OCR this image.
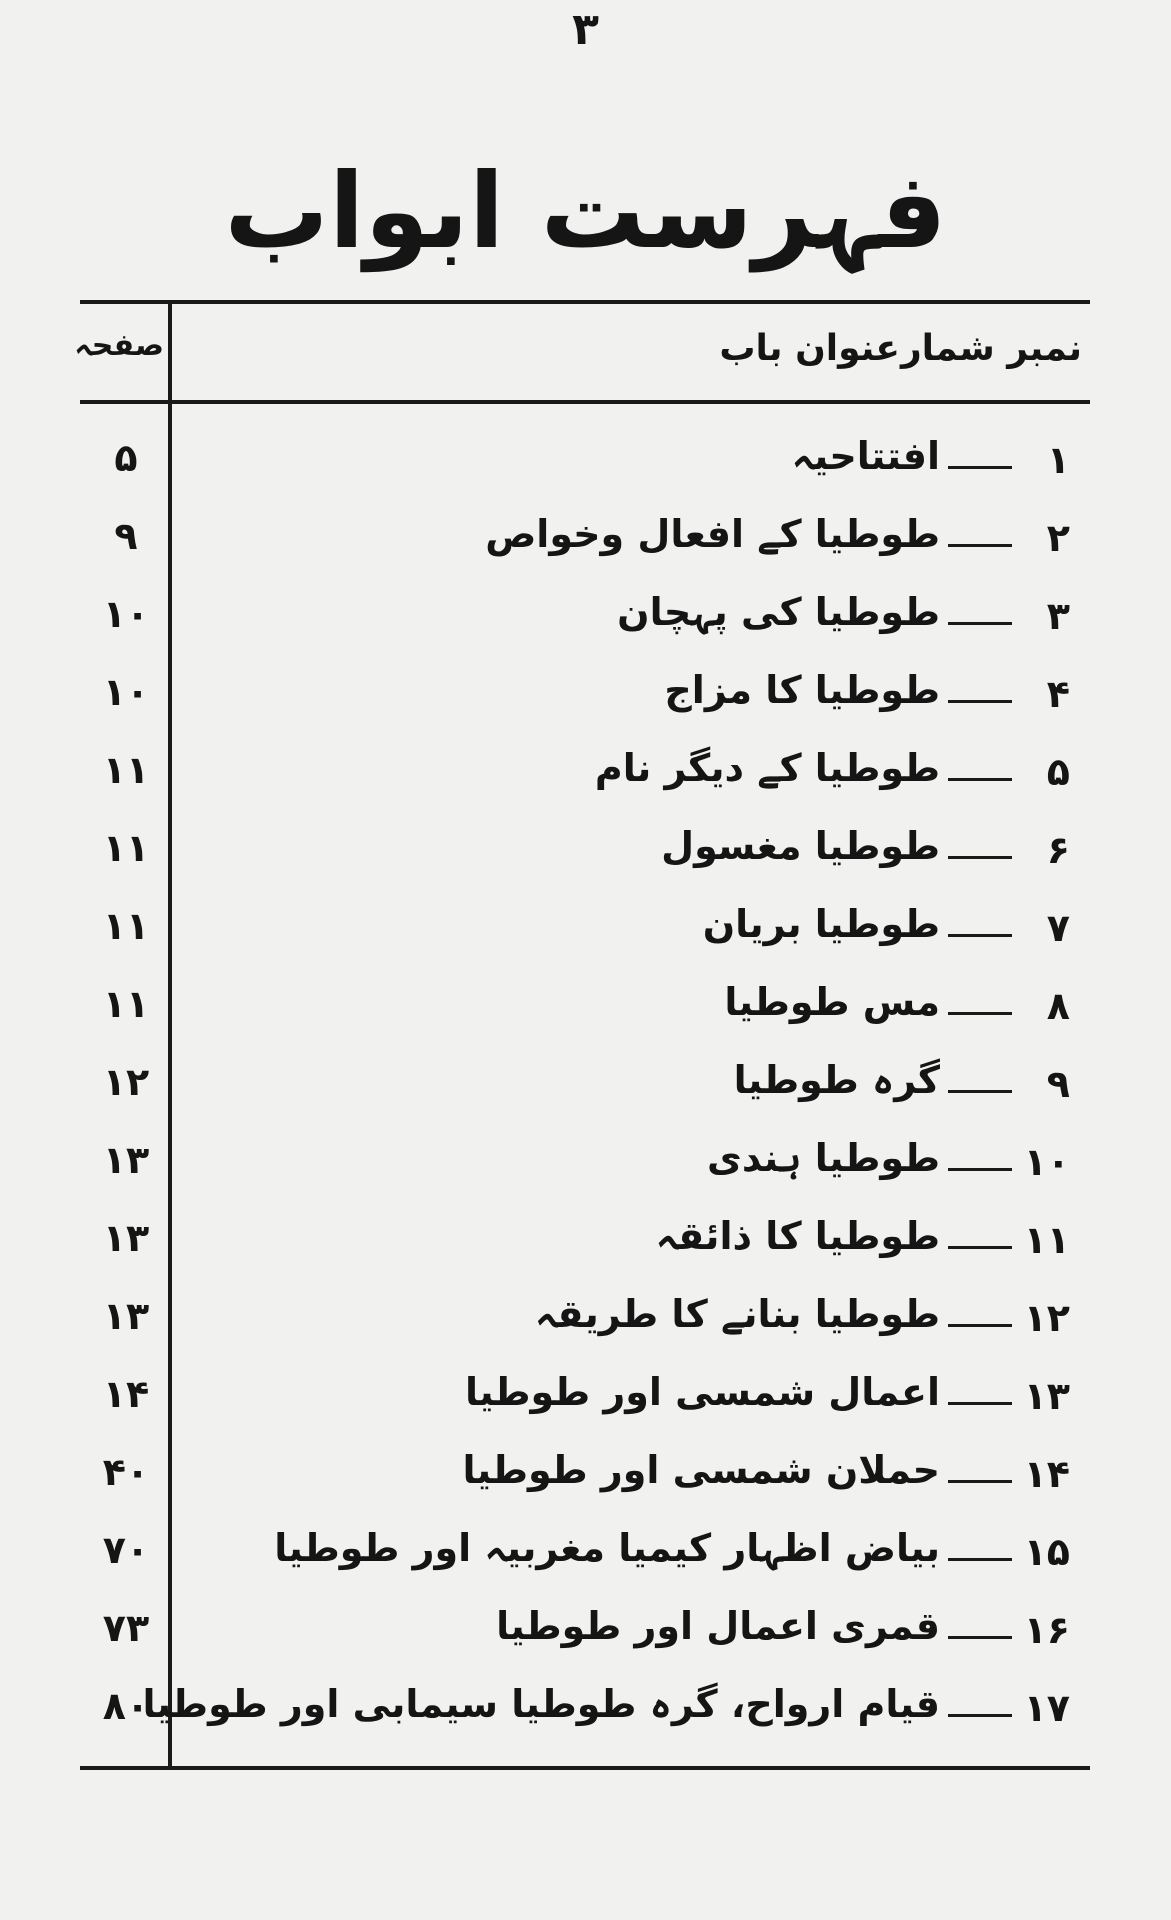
۳
فہرست ابواب
نمبر شمار
عنوان باب
صفحہ
۱
افتتاحیہ
۵
۲
طوطیا کے افعال وخواص
۹
۳
طوطیا کی پہچان
۱۰
۴
طوطیا کا مزاج
۱۰
۵
طوطیا کے دیگر نام
۱۱
۶
طوطیا مغسول
۱۱
۷
طوطیا بریان
۱۱
۸
مس طوطیا
۱۱
۹
گرہ طوطیا
۱۲
۱۰
طوطیا ہندی
۱۳
۱۱
طوطیا کا ذائقہ
۱۳
۱۲
طوطیا بنانے کا طریقہ
۱۳
۱۳
اعمال شمسی اور طوطیا
۱۴
۱۴
حملان شمسی اور طوطیا
۴۰
۱۵
بیاض اظہار کیمیا مغربیہ اور طوطیا
۷۰
۱۶
قمری اعمال اور طوطیا
۷۳
۱۷
قیام ارواح، گرہ طوطیا سیمابی اور طوطیا
۸۰
